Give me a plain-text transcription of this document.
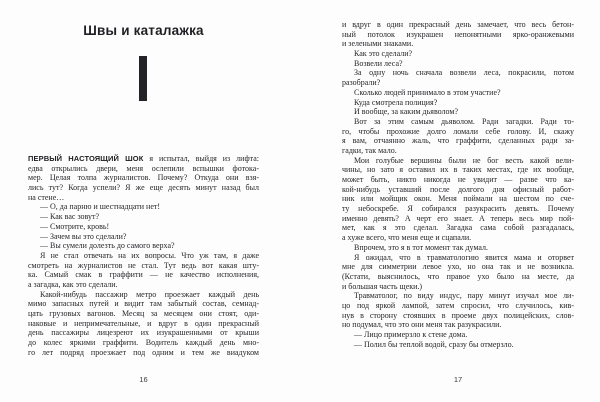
Швы и каталажка
ПЕРВЫЙ НАСТОЯЩИЙ ШОК я испытал, выйдя из лифта:
едва открылись двери, меня ослепили вспышки фотока-
мер. Целая толпа журналистов. Почему? Откуда они взя-
лись тут? Когда успели? Я же еще десять минут назад был
на стене…
— О, да парню и шестнадцати нет!
— Как вас зовут?
— Смотрите, кровь!
— Зачем вы это сделали?
— Вы сумели долезть до самого верха?
Я не стал отвечать на их вопросы. Что уж там, я даже
смотреть на журналистов не стал. Тут ведь вот какая шту-
ка. Самый смак в граффити — не качество исполнения,
а загадка, как это сделали.
Какой-нибудь пассажир метро проезжает каждый день
мимо запасных путей и видит там забытый состав, семнад-
цать грузовых вагонов. Месяц за месяцем они стоят, оди-
наковые и непримечательные, и вдруг в один прекрасный
день пассажиры лицезреют их изукрашенными от крыши
до колес яркими граффити. Водитель каждый день мно-
го лет подряд проезжает под одним и тем же виадуком
16
и вдруг в один прекрасный день замечает, что весь бетон-
ный потолок изукрашен непонятными ярко-оранжевыми
и зелеными знаками.
Как это сделали?
Возвели леса?
За одну ночь сначала возвели леса, покрасили, потом
разобрали?
Сколько людей принимало в этом участие?
Куда смотрела полиция?
И вообще, за каким дьяволом?
Вот за этим самым дьяволом. Ради загадки. Ради то-
го, чтобы прохожие долго ломали себе голову. И, скажу
я вам, отчаянно жаль, что граффити, сделанных ради за-
гадки, так мало.
Мои голубые вершины были не бог весть какой вели-
чины, но зато я оставил их в таких местах, где их вообще,
может быть, никто никогда не увидит — разве что ка-
кой-нибудь уставший после долгого дня офисный работ-
ник или мойщик окон. Меня поймали на шестом по сче-
ту небоскребе. Я собирался разукрасить девять. Почему
именно девять? А черт его знает. А теперь весь мир пой-
мет, как я это сделал. Загадка сама собой разгадалась,
а хуже всего, что меня еще и сцапали.
Впрочем, это я в тот момент так думал.
Я ожидал, что в травматологию явится мама и оторвет
мне для симметрии левое ухо, но она так и не возникла.
(Кстати, выяснилось, что правое ухо было на месте, да
и большая часть щеки.)
Травматолог, по виду индус, пару минут изучал мое ли-
цо под яркой лампой, затем спросил, что случилось, кив-
нув в сторону стоявших в проеме двух полицейских, слов-
но подумал, что это они меня так разукрасили.
— Лицо примерзло к стене дома.
— Полил бы теплой водой, сразу бы отмерзло.
17
